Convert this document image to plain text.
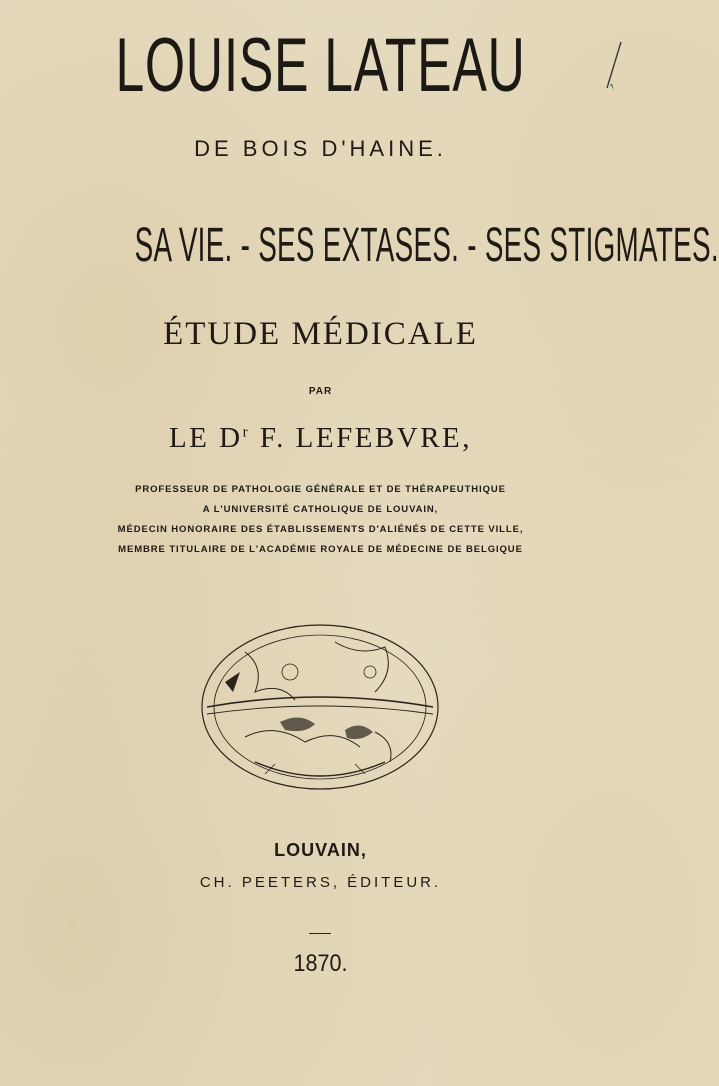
LOUISE LATEAU
DE BOIS D'HAINE.
SA VIE. - SES EXTASES. - SES STIGMATES.
ÉTUDE MÉDICALE
PAR
LE $D^r$ F. LEFEBVRE,
PROFESSEUR DE PATHOLOGIE GÉNÉRALE ET DE THÉRAPEUTHIQUE
A L'UNIVERSITÉ CATHOLIQUE DE LOUVAIN,
MÉDECIN HONORAIRE DES ÉTABLISSEMENTS D'ALIÉNÉS DE CETTE VILLE,
MEMBRE TITULAIRE DE L'ACADÉMIE ROYALE DE MÉDECINE DE BELGIQUE
LOUVAIN,
CH. PEETERS, ÉDITEUR.
1870.
